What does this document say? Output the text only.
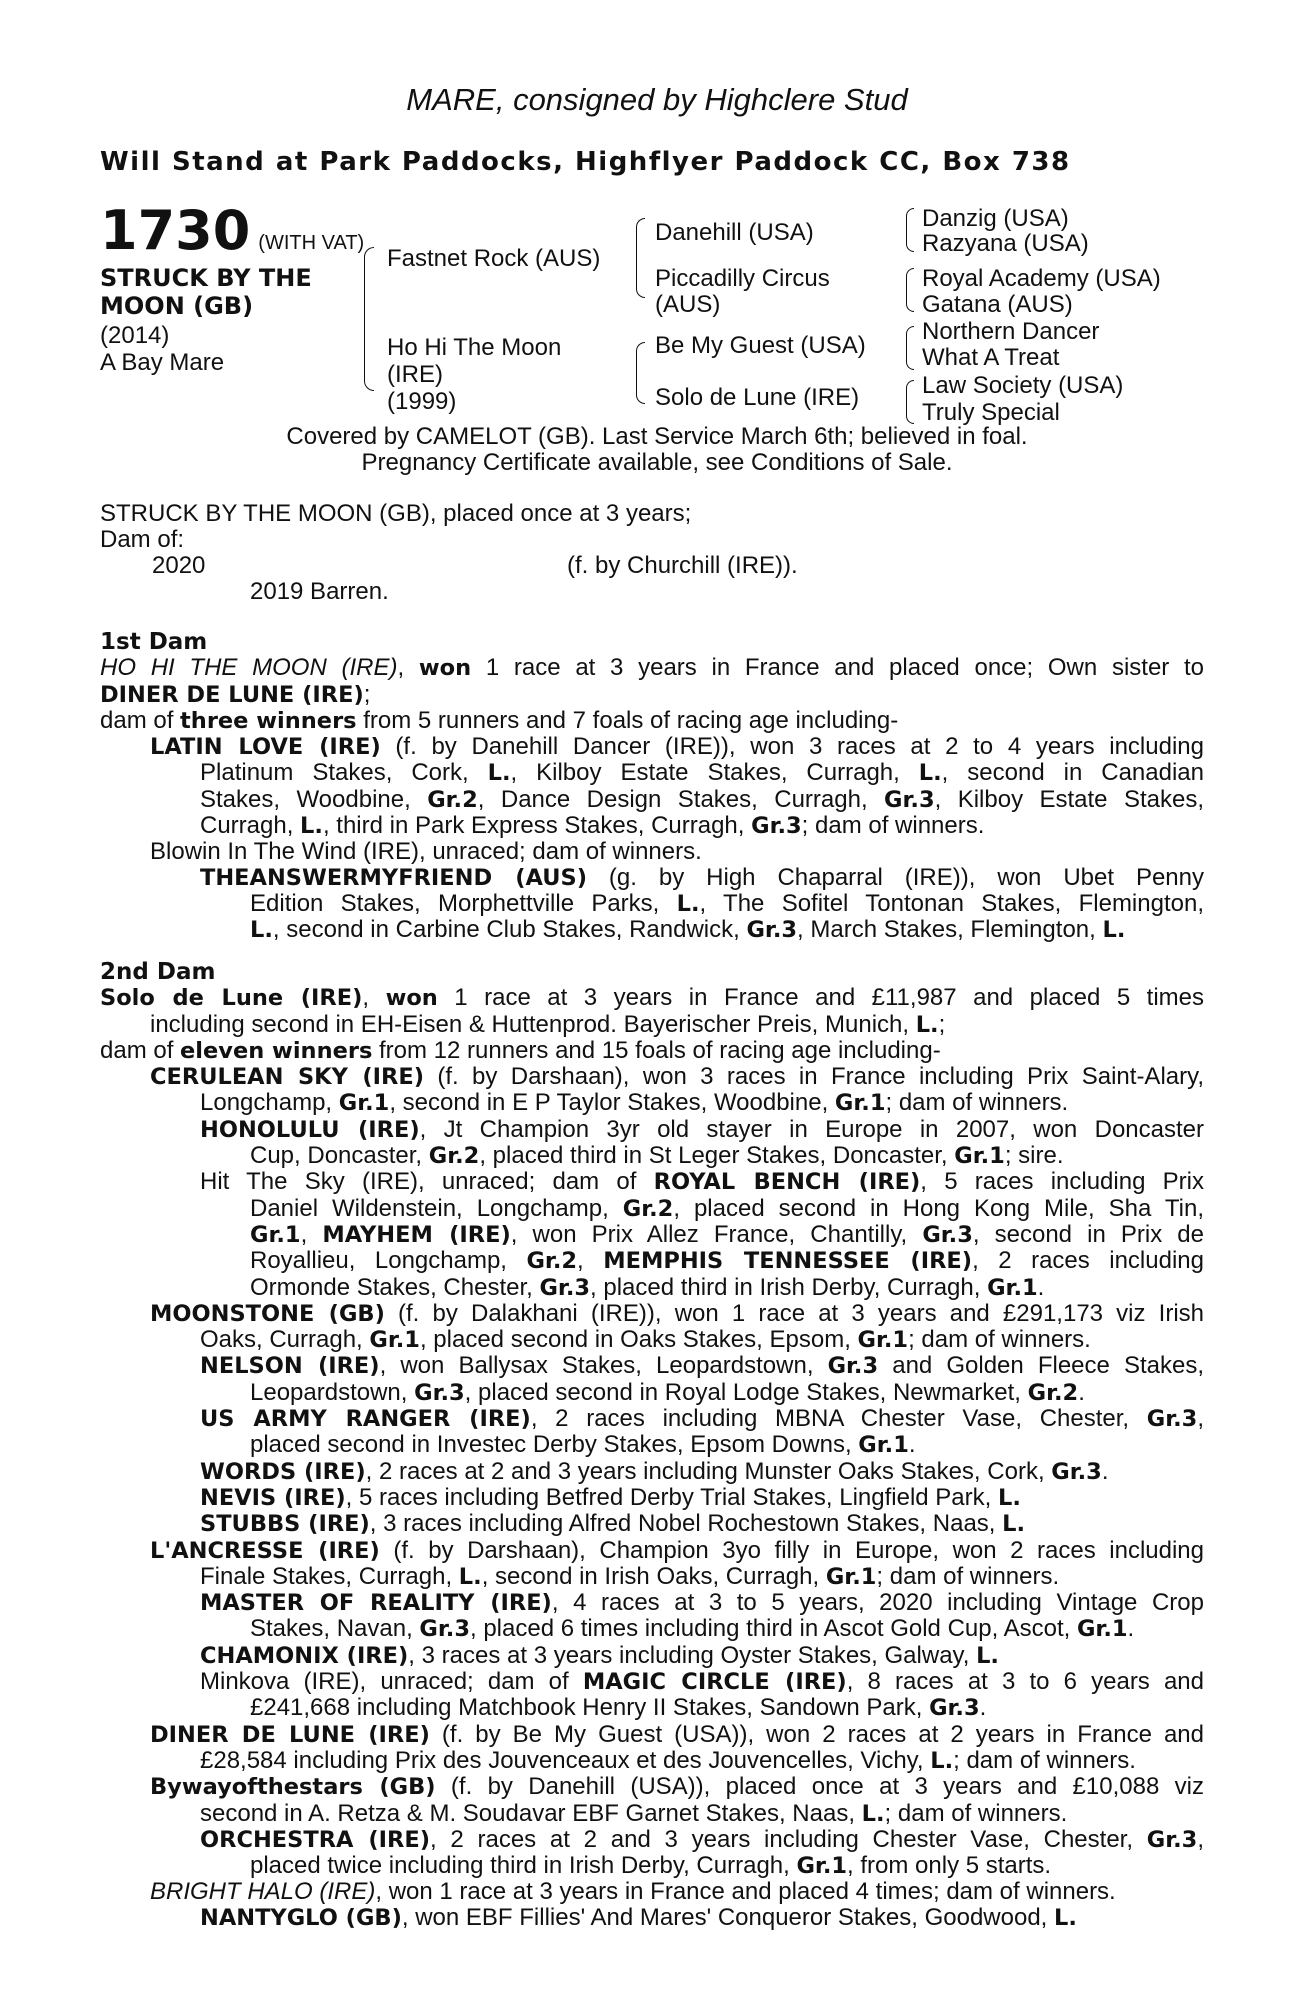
MARE, consigned by Highclere Stud
Will Stand at Park Paddocks, Highflyer Paddock CC, Box 738
1730 (WITH VAT)
STRUCK BY THE
MOON (GB)
(2014)
A Bay Mare
Fastnet Rock (AUS)
Ho Hi The Moon
(IRE)
(1999)
Danehill (USA)
Piccadilly Circus
(AUS)
Be My Guest (USA)
Solo de Lune (IRE)
Danzig (USA)
Razyana (USA)
Royal Academy (USA)
Gatana (AUS)
Northern Dancer
What A Treat
Law Society (USA)
Truly Special
Covered by CAMELOT (GB). Last Service March 6th; believed in foal.
Pregnancy Certificate available, see Conditions of Sale.
STRUCK BY THE MOON (GB), placed once at 3 years;
Dam of:
2020	(f. by Churchill (IRE)).
2019 Barren.
1st Dam
HO HI THE MOON (IRE), won 1 race at 3 years in France and placed once; Own sister to
DINER DE LUNE (IRE);
dam of three winners from 5 runners and 7 foals of racing age including-
LATIN LOVE (IRE) (f. by Danehill Dancer (IRE)), won 3 races at 2 to 4 years including
Platinum Stakes, Cork, L., Kilboy Estate Stakes, Curragh, L., second in Canadian
Stakes, Woodbine, Gr.2, Dance Design Stakes, Curragh, Gr.3, Kilboy Estate Stakes,
Curragh, L., third in Park Express Stakes, Curragh, Gr.3; dam of winners.
Blowin In The Wind (IRE), unraced; dam of winners.
THEANSWERMYFRIEND (AUS) (g. by High Chaparral (IRE)), won Ubet Penny
Edition Stakes, Morphettville Parks, L., The Sofitel Tontonan Stakes, Flemington,
L., second in Carbine Club Stakes, Randwick, Gr.3, March Stakes, Flemington, L.
2nd Dam
Solo de Lune (IRE), won 1 race at 3 years in France and £11,987 and placed 5 times
including second in EH-Eisen & Huttenprod. Bayerischer Preis, Munich, L.;
dam of eleven winners from 12 runners and 15 foals of racing age including-
CERULEAN SKY (IRE) (f. by Darshaan), won 3 races in France including Prix Saint-Alary,
Longchamp, Gr.1, second in E P Taylor Stakes, Woodbine, Gr.1; dam of winners.
HONOLULU (IRE), Jt Champion 3yr old stayer in Europe in 2007, won Doncaster
Cup, Doncaster, Gr.2, placed third in St Leger Stakes, Doncaster, Gr.1; sire.
Hit The Sky (IRE), unraced; dam of ROYAL BENCH (IRE), 5 races including Prix
Daniel Wildenstein, Longchamp, Gr.2, placed second in Hong Kong Mile, Sha Tin,
Gr.1, MAYHEM (IRE), won Prix Allez France, Chantilly, Gr.3, second in Prix de
Royallieu, Longchamp, Gr.2, MEMPHIS TENNESSEE (IRE), 2 races including
Ormonde Stakes, Chester, Gr.3, placed third in Irish Derby, Curragh, Gr.1.
MOONSTONE (GB) (f. by Dalakhani (IRE)), won 1 race at 3 years and £291,173 viz Irish
Oaks, Curragh, Gr.1, placed second in Oaks Stakes, Epsom, Gr.1; dam of winners.
NELSON (IRE), won Ballysax Stakes, Leopardstown, Gr.3 and Golden Fleece Stakes,
Leopardstown, Gr.3, placed second in Royal Lodge Stakes, Newmarket, Gr.2.
US ARMY RANGER (IRE), 2 races including MBNA Chester Vase, Chester, Gr.3,
placed second in Investec Derby Stakes, Epsom Downs, Gr.1.
WORDS (IRE), 2 races at 2 and 3 years including Munster Oaks Stakes, Cork, Gr.3.
NEVIS (IRE), 5 races including Betfred Derby Trial Stakes, Lingfield Park, L.
STUBBS (IRE), 3 races including Alfred Nobel Rochestown Stakes, Naas, L.
L'ANCRESSE (IRE) (f. by Darshaan), Champion 3yo filly in Europe, won 2 races including
Finale Stakes, Curragh, L., second in Irish Oaks, Curragh, Gr.1; dam of winners.
MASTER OF REALITY (IRE), 4 races at 3 to 5 years, 2020 including Vintage Crop
Stakes, Navan, Gr.3, placed 6 times including third in Ascot Gold Cup, Ascot, Gr.1.
CHAMONIX (IRE), 3 races at 3 years including Oyster Stakes, Galway, L.
Minkova (IRE), unraced; dam of MAGIC CIRCLE (IRE), 8 races at 3 to 6 years and
£241,668 including Matchbook Henry II Stakes, Sandown Park, Gr.3.
DINER DE LUNE (IRE) (f. by Be My Guest (USA)), won 2 races at 2 years in France and
£28,584 including Prix des Jouvenceaux et des Jouvencelles, Vichy, L.; dam of winners.
Bywayofthestars (GB) (f. by Danehill (USA)), placed once at 3 years and £10,088 viz
second in A. Retza & M. Soudavar EBF Garnet Stakes, Naas, L.; dam of winners.
ORCHESTRA (IRE), 2 races at 2 and 3 years including Chester Vase, Chester, Gr.3,
placed twice including third in Irish Derby, Curragh, Gr.1, from only 5 starts.
BRIGHT HALO (IRE), won 1 race at 3 years in France and placed 4 times; dam of winners.
NANTYGLO (GB), won EBF Fillies' And Mares' Conqueror Stakes, Goodwood, L.
